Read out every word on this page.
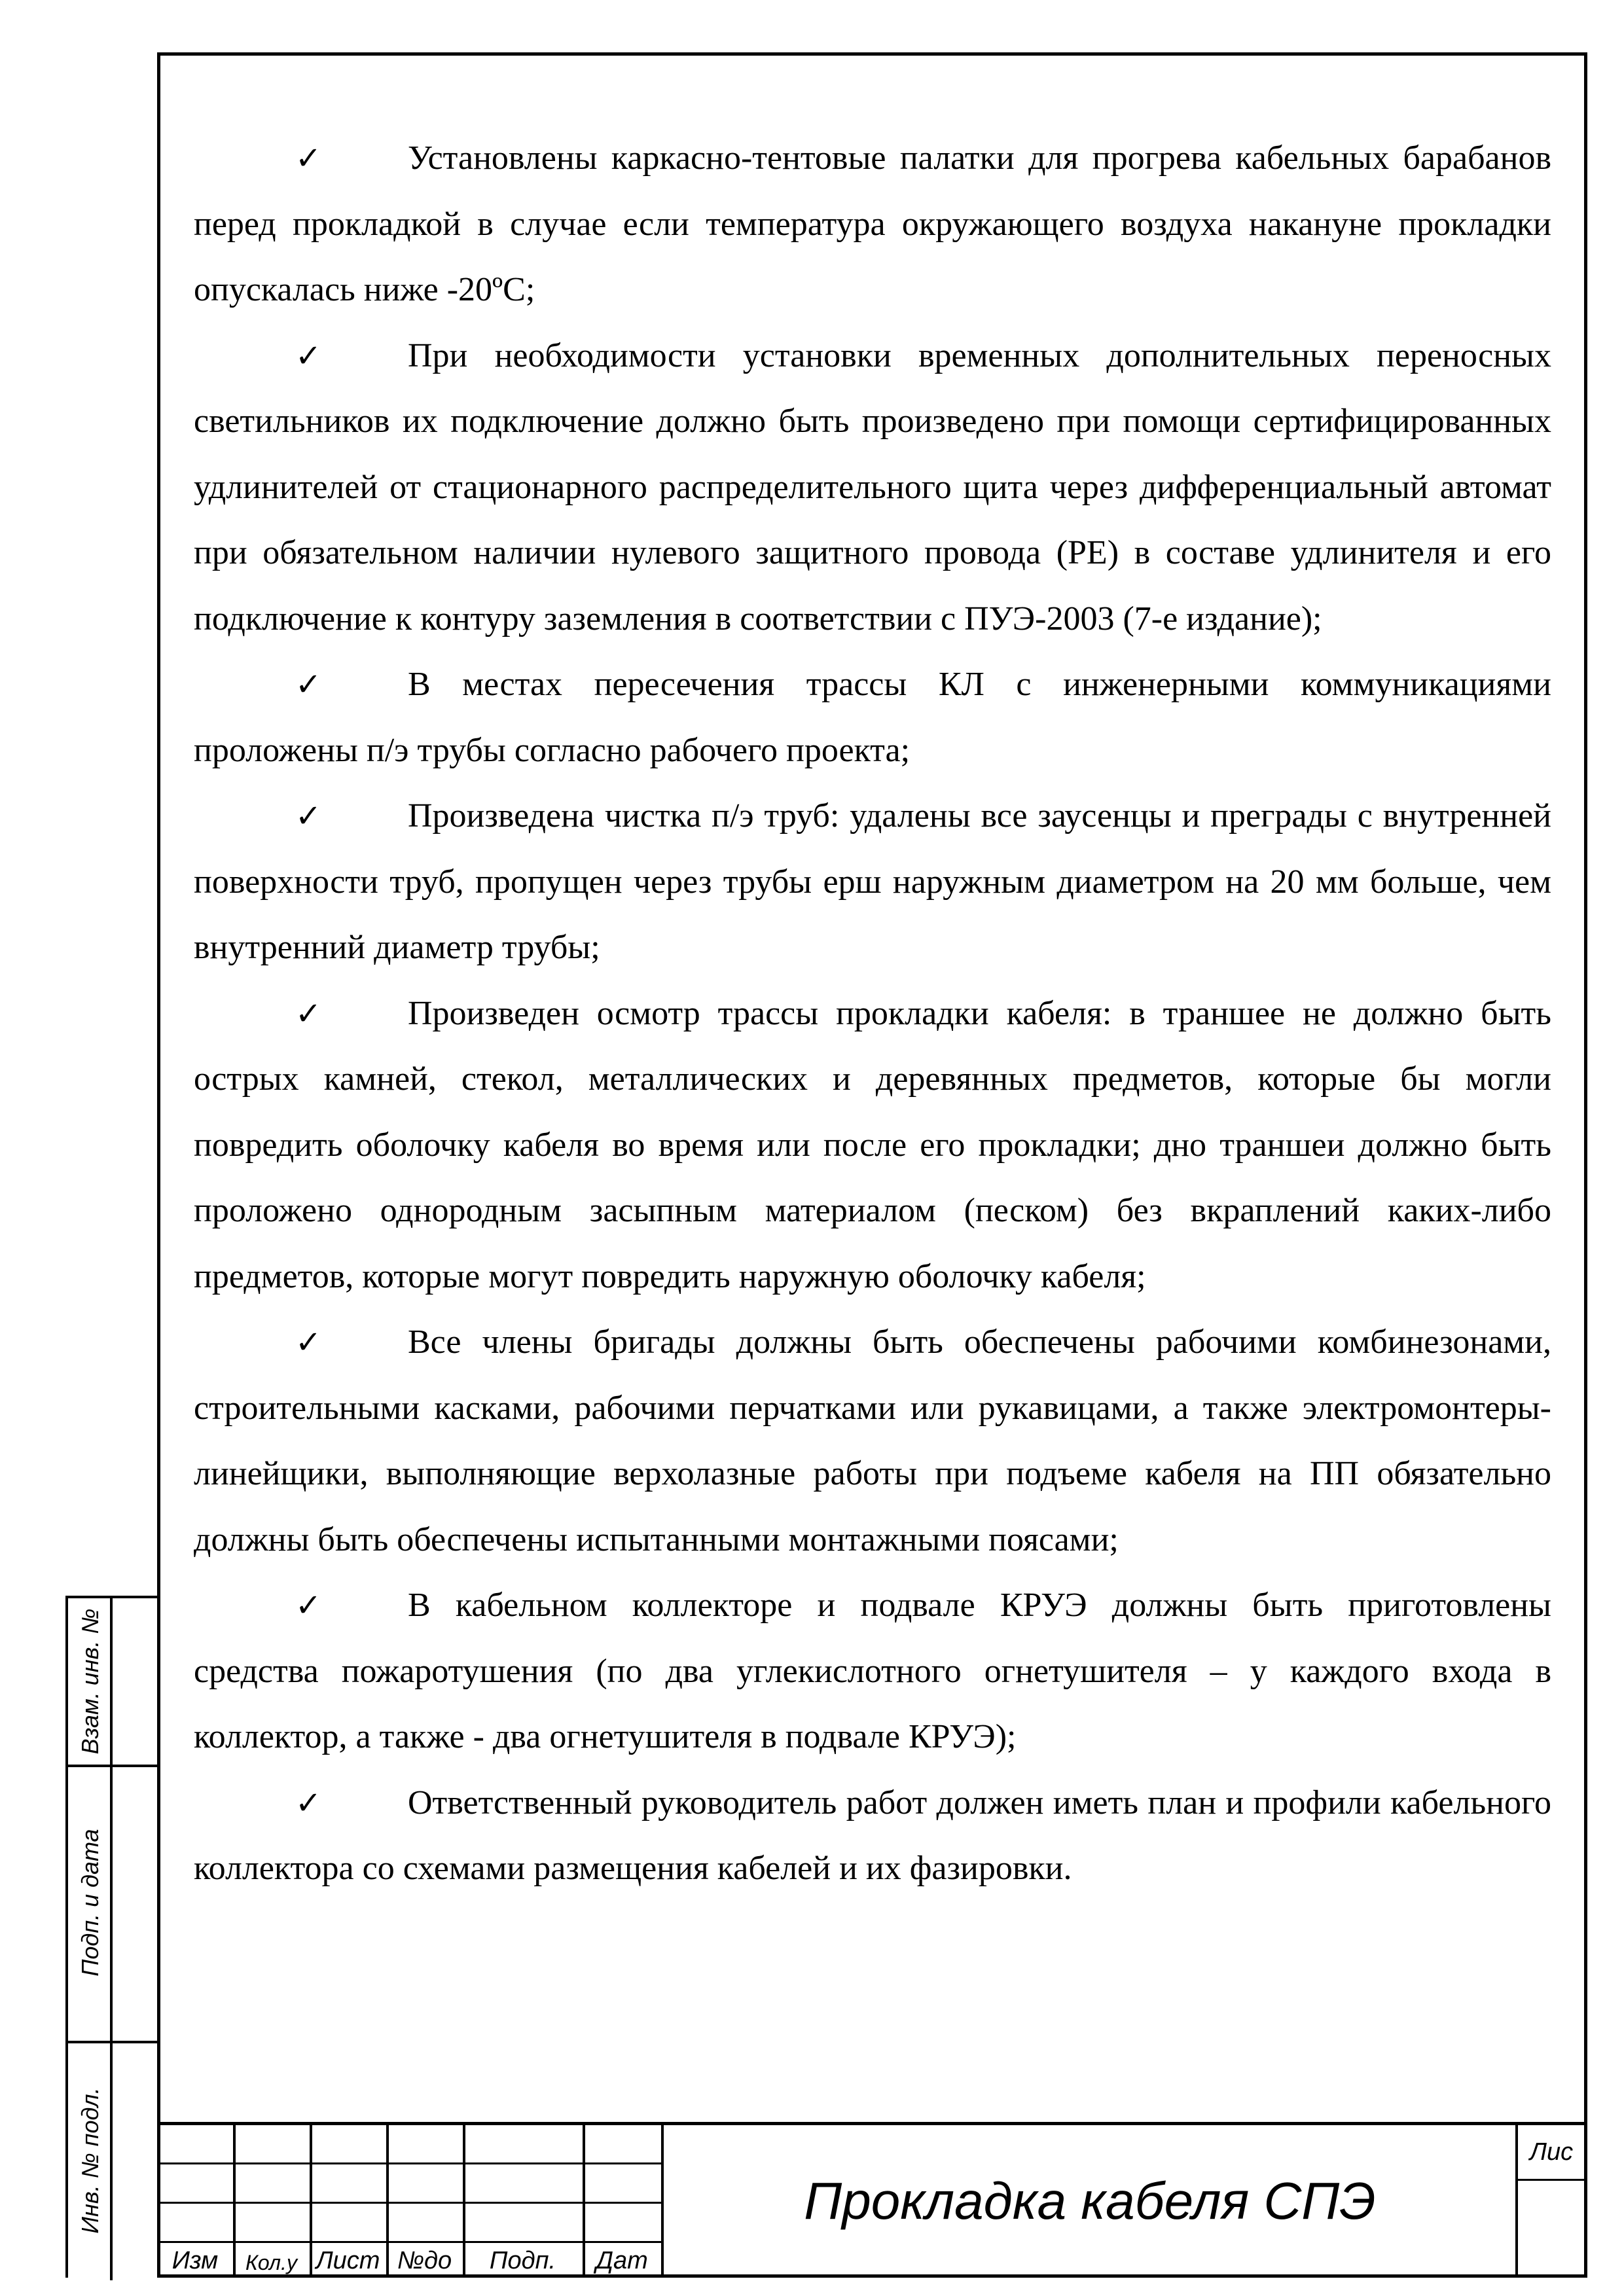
✓	Установлены каркасно-тентовые палатки для прогрева кабельных барабанов перед прокладкой в случае если температура окружающего воздуха накануне прокладки опускалась ниже -20ºС;

✓	При необходимости установки временных дополнительных переносных светильников их подключение должно быть произведено при помощи сертифицированных удлинителей от стационарного распределительного щита через дифференциальный автомат при обязательном наличии нулевого защитного провода (РЕ) в составе удлинителя и его подключение к контуру заземления в соответствии с ПУЭ-2003 (7-е издание);

✓	В местах пересечения трассы КЛ с инженерными коммуникациями проложены п/э трубы согласно рабочего проекта;

✓	Произведена чистка п/э труб: удалены все заусенцы и преграды с внутренней поверхности труб, пропущен через трубы ерш наружным диаметром на 20 мм больше, чем внутренний диаметр трубы;

✓	Произведен осмотр трассы прокладки кабеля: в траншее не должно быть острых камней, стекол, металлических и деревянных предметов, которые бы могли повредить оболочку кабеля во время или после его прокладки; дно траншеи должно быть проложено однородным засыпным материалом (песком) без вкраплений каких-либо предметов, которые могут повредить наружную оболочку кабеля;

✓	Все члены бригады должны быть обеспечены рабочими комбинезонами, строительными касками, рабочими перчатками или рукавицами, а также электромонтеры-линейщики, выполняющие верхолазные работы при подъеме кабеля на ПП обязательно должны быть обеспечены испытанными монтажными поясами;

✓	В кабельном коллекторе и подвале КРУЭ должны быть приготовлены средства пожаротушения (по два углекислотного огнетушителя – у каждого входа в коллектор, а также - два огнетушителя в подвале КРУЭ);

✓	Ответственный руководитель работ должен иметь план и профили кабельного коллектора со схемами размещения кабелей и их фазировки.

Взам. инв. №
Подп. и дата
Инв. № подл.
Изм	Кол.у Лист №до	Подп.	Дат
Прокладка кабеля СПЭ
Лис
